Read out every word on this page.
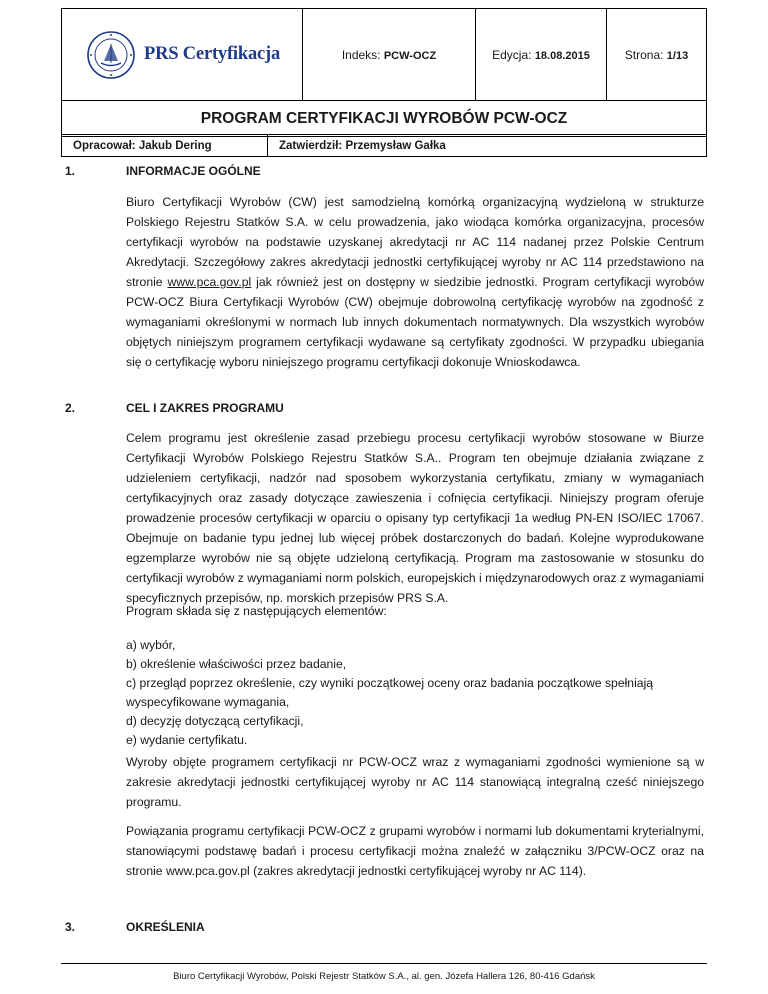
PRS Certyfikacja	Indeks: PCW-OCZ	Edycja: 18.08.2015	Strona: 1/13
PROGRAM CERTYFIKACJI WYROBÓW PCW-OCZ
Opracował: Jakub Dering	Zatwierdził: Przemysław Gałka
1.	INFORMACJE OGÓLNE

Biuro Certyfikacji Wyrobów (CW) jest samodzielną komórką organizacyjną wydzieloną w strukturze Polskiego Rejestru Statków S.A. w celu prowadzenia, jako wiodąca komórka organizacyjna, procesów certyfikacji wyrobów na podstawie uzyskanej akredytacji nr AC 114 nadanej przez Polskie Centrum Akredytacji. Szczegółowy zakres akredytacji jednostki certyfikującej wyroby nr AC 114 przedstawiono na stronie www.pca.gov.pl jak również jest on dostępny w siedzibie jednostki. Program certyfikacji wyrobów PCW-OCZ Biura Certyfikacji Wyrobów (CW) obejmuje dobrowolną certyfikację wyrobów na zgodność z wymaganiami określonymi w normach lub innych dokumentach normatywnych. Dla wszystkich wyrobów objętych niniejszym programem certyfikacji wydawane są certyfikaty zgodności. W przypadku ubiegania się o certyfikację wyboru niniejszego programu certyfikacji dokonuje Wnioskodawca.

2.	CEL I ZAKRES PROGRAMU

Celem programu jest określenie zasad przebiegu procesu certyfikacji wyrobów stosowane w Biurze Certyfikacji Wyrobów Polskiego Rejestru Statków S.A.. Program ten obejmuje działania związane z udzieleniem certyfikacji, nadzór nad sposobem wykorzystania certyfikatu, zmiany w wymaganiach certyfikacyjnych oraz zasady dotyczące zawieszenia i cofnięcia certyfikacji. Niniejszy program oferuje prowadzenie procesów certyfikacji w oparciu o opisany typ certyfikacji 1a według PN-EN ISO/IEC 17067. Obejmuje on badanie typu jednej lub więcej próbek dostarczonych do badań. Kolejne wyprodukowane egzemplarze wyrobów nie są objęte udzieloną certyfikacją. Program ma zastosowanie w stosunku do certyfikacji wyrobów z wymaganiami norm polskich, europejskich i międzynarodowych oraz z wymaganiami specyficznych przepisów, np. morskich przepisów PRS S.A.

Program składa się z następujących elementów:

a) wybór,
b) określenie właściwości przez badanie,
c) przegląd poprzez określenie, czy wyniki początkowej oceny oraz badania początkowe spełniają wyspecyfikowane wymagania,
d) decyzję dotyczącą certyfikacji,
e) wydanie certyfikatu.

Wyroby objęte programem certyfikacji nr PCW-OCZ wraz z wymaganiami zgodności wymienione są w zakresie akredytacji jednostki certyfikującej wyroby nr AC 114 stanowiącą integralną cześć niniejszego programu.

Powiązania programu certyfikacji PCW-OCZ z grupami wyrobów i normami lub dokumentami kryterialnymi, stanowiącymi podstawę badań i procesu certyfikacji można znaleźć w załączniku 3/PCW-OCZ oraz na stronie www.pca.gov.pl (zakres akredytacji jednostki certyfikującej wyroby nr AC 114).

3.	OKREŚLENIA
Biuro Certyfikacji Wyrobów, Polski Rejestr Statków S.A., al. gen. Józefa Hallera 126, 80-416 Gdańsk
